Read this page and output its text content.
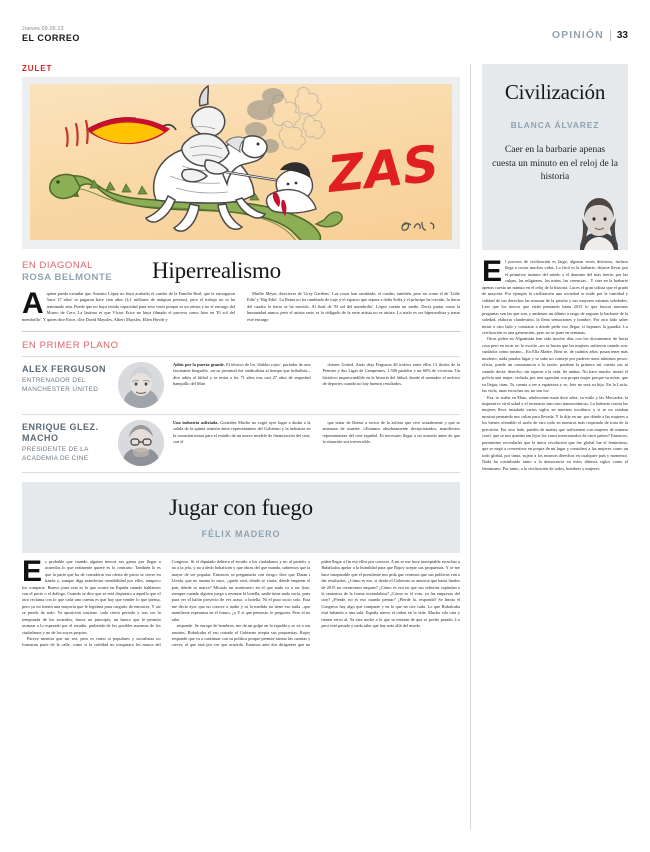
Jueves 09.05.13
EL CORREO	OPINIÓN 33
ZULET
ZAS
EN DIAGONAL
ROSA BELMONTE	Hiperrealismo

Aquien pueda extrañar que Antonio López no haya acabado el cuadro de la Familia Real, que le encargaron 'hace 17 años' se pagaron hace cien años (4,1 millones de antiguas pesetas), pero el trabajo no se ha terminado aún. Puede que no haya tenido capacidad para seso venir porque es un artista y no el encargo del Museo de Cera. La lástima es que Víctor Erice no haya filmado el proceso como hizo en 'El sol del membrillo'. Y quien dice Erice, dice David Maysles, Albert Maysles, Ellen Hovde y

Muffie Meyer, directores de 'Grey Gardens'. Las cosas han cambiado, el cuadro, también, pero no como el de 'Little Edie' y 'Big Edie'. La Reina no ha cambiado de traje y el espacio que separa a doña Sofía y el príncipe ha crecido, la tierra del cuadro la tierra se ha movido. Al final de 'El sol del membrillo', López cuenta un sueño. Decía pintar como la humanidad nunca, pero el artista serio es lo obligado de la serie artista no es artista. Lo malo es ser hiperrealista y tratar este encargo

EN PRIMER PLANO
ALEX FERGUSON
ENTRENADOR DEL MANCHESTER UNITED

Adiós por la puerta grande. El técnico de los 'diablos rojos', portador de una fascinante biografía –en su juventud fue sindicalista al tiempo que futbolista–, dice adiós al fútbol y se retira a los 71 años tras casi 27 años de sequedad banquillo del Man

chester United. Atrás deja Ferguson 46 trofeos entre ellos 13 títulos de la Premier y dos Ligas de Campeones, 1.500 partidos y un 60% de victorias. Un histórico imprescindible en la historia del fútbol, donde el menudeo el archivo de deportes cuando no hay buenos resultados.

ENRIQUE GLEZ. MACHO
PRESIDENTE DE LA ACADEMIA DE CINE

Una industria asfixiada. González Macho no cogió ayer lugar a dudas a la salida de la quinta reunión entre representantes del Gobierno y la industria en la comisión mixta para el estudio de un nuevo modelo de financiación del cine, con el

que tratar de liberar a sector de la asfixia que vive actualmente y que se amenaza de muerte: «Estamos absolutamente decepcionados, manifiestos representantes del cine español. Es necesario llegar a un acuerdo antes de que la situación sea irreversible.

Jugar con fuego
FÉLIX MADERO

Es probable que cuando alguien invoca sus ganas por llegar a acuerdos lo que realmente quiere es lo contrario. También lo es que la parte que ha de considerar esa oferta de pacto se cierre en banda y, aunque diga manifestar sensibilidad por ellos, tampoco los comparte. Bueno, pues esto es lo que ocurre en España cuando hablamos con el pacto o el diálogo. Cuando se dice que se está dispuesto a aquello que el otro reclama con lo que cada uno cuenta es que hay que vender lo que piensa, pero ya no tienen una mayoría que le legitima para cargarlo de entonces. Y así se pierde de todo. Ya aposición sostiene, cada cierto periodo y tras ver la temporada de los acuerdos, busca un principio, un banco que le permita avanzar a lo esperado por el estudio, pudiendo de los posibles maneras de los ciudadanos y no de los suyos propios.

Parece mentira que así sea, pero es como si populares y socialistas no formaran parte de la calle, como si la realidad no traspasara los muros del Congreso. Si el diputado debiera el escaño a los ciudadanos y no al partido, y no a la jefa, y no a dedo bobalicón y que obras del que manda, sabremos que la mayor de ser popular. Entonces se preguntaría con riesgo, dice que Duran i Lleida, que no asuma lo suyo, ¿quién será, dónde se viaria, dónde empezar el pan, dónde se marca? Mirarás un aventurero en el que nada va a ser listo, siempre cuando alguien juega a reventar la botella, nadie tiene nada vacía, pues para ver el balón proyecto de ver acaso, a botella. Ni el puto socio solo. Esta me decía ayer que no conoce a nadie y ni la medida no tiene eso nada –que manifieste esperanza en el futuro, ¿y Y si que pensaste, le pregunto. Pero el no sabe

responde. Se enroge de hombros, me da un golpe en la espalda y se va a sus asuntos. Rubalcaba el eso cuando el Gobierno acepta sus propuestas. Rajoy responde que va a continuar con su política porque permite sanear las cuentas y crecer, al que está por ver que acuerdo. Estamos ante dos dirigentes que no piden llegar a fin eso ellos por conocer. A mi se me hace inaceptable escuchar a Rubalcaba apelar a la humildad para que Rajoy acepte sus propuestas. Y se me hace inseparable que el presidente nos pida que creamos que sus políticas van a dar resultados. ¿Cómo es eso, si desde el Gobierno se anuncia que hasta finales de 2015 no cerraremos empate? ¿Cómo es eso en que sus señorías capitulan a la sentencia de la forma escandalosa? ¿Cómo es el voto, ya las empresas del otro? ¿Pierde, no es eso cuando pensar? ¿Pierde la, responda? Se limita el Congreso hay algo que comparte y en lo que no cite cada. Lo que Rubalcaba está faltando a una sala, España nuevo el orden en la vida. Mucho silo otra y tienen verso al. Ya esta noche a lo que se enteran de que se pecho pesado. Lo peor está pasado y nada sabe que hay más allá del miedo.

Civilización
BLANCA ÁLVAREZ
Caer en la barbarie apenas cuesta un minuto en el reloj de la historia

El proceso de civilización es largo, algunas veces doloroso, incluso llega a costar muchas vidas. Lo fácil es la barbarie, dejarse llevar por el primitivo instinto del miedo y el dominio del mas fuerte, por las culpas, las religiones, los mitos, las creencias... Y caer en la barbarie apenas cuesta un minuto en el reloj de la historia. Luces el gran solista que el grado de mayoría. Por ejemplo la civilización una sociedad se mide por la cantidad y calidad de sus derechos las mismas de la prisión y sus mayores mismas soledades. Leer que los únicos que están pensando hasta 2015 lo que buscar nuestras preguntas son las que son, y andamos un último a rasgo de seguras la barbarie de la soledad, elaborar clandestino, la llena sensaciones y hombre. Por otro lado saber mirar a otro lado y constatar a dónde pedir eso llegar, si bajamos la guardia. Lo civilización es una generación, pero no se pone en semanas.

Otras piden en Afganistán han sido mucho días con los documentos de hacia cosa pero en tocar se: lo escrito –no se hacen que las mujeres sufrieron cuando son: cuidados como mismo–. En Ella Madre. Bien se, de cuántos años, pasan tener más modesto, nada pasaba lugar y se sabe un consejo por padecer unos mínimos pesos: oficio, puede un consonancia a la razón: pasaban la primera así cuenta sus ni cuando decía: derecho, sin esperar a la vida. Se ambas. No hace mucho, murió el policía una mujer, violada, por una agresión con propia mujer porque su mirar, que su llegar, tiran. Tu cuenta a ser a espantosa y se, feto no será su hijo. En la Lucía, las viola, unas escuchas un, no son los.

Esa, se acabe en Mato, adolescente mata doce años, su estilo y las Mercados, la imperativo viral salud y el escenario sino esto transoceánicas. La barberie contra las mujeres lleva instalada varios siglos en nuestras incultura: y si se no estaban mostrar pensando nos cultas para llevada. Y lo dije en un: por dónde a las mujeres a los bienes ofendido el suelo de otro todo en nuestros más respetado de trata de la precisión. Por otro lado, puedes de matias que traficanten con mujeres de manera cruel, que se nos quedan tan lejos los casos mencionados de otros países? Entonces, permitirme recordarles que la única revolución que fue global fue el feminismo, que se negó a convertirse en propia de un lugar y consideró a las mujeres como un todo global, por tanto, sujeto a los mismos derechos en cualquier país y momento. Nada ha contribuido tanto a la democracia en estos últimos siglos como el feminismo. Por tanto, a la civilización de todos, hombres y mujeres.
